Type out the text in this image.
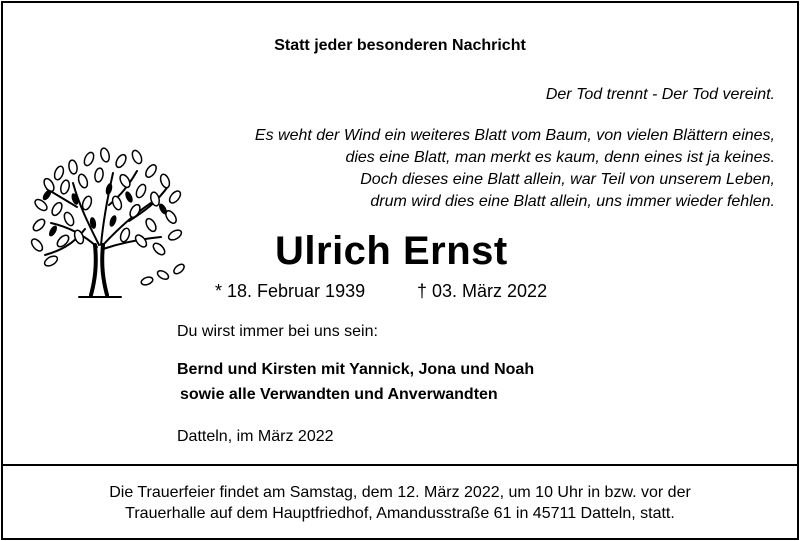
Statt jeder besonderen Nachricht
Der Tod trennt - Der Tod vereint.
Es weht der Wind ein weiteres Blatt vom Baum, von vielen Blättern eines,
dies eine Blatt, man merkt es kaum, denn eines ist ja keines.
Doch dieses eine Blatt allein, war Teil von unserem Leben,
drum wird dies eine Blatt allein, uns immer wieder fehlen.
Ulrich Ernst
* 18. Februar 1939	† 03. März 2022
Du wirst immer bei uns sein:
Bernd und Kirsten mit Yannick, Jona und Noah
sowie alle Verwandten und Anverwandten
Datteln, im März 2022
Die Trauerfeier findet am Samstag, dem 12. März 2022, um 10 Uhr in bzw. vor der
Trauerhalle auf dem Hauptfriedhof, Amandusstraße 61 in 45711 Datteln, statt.
